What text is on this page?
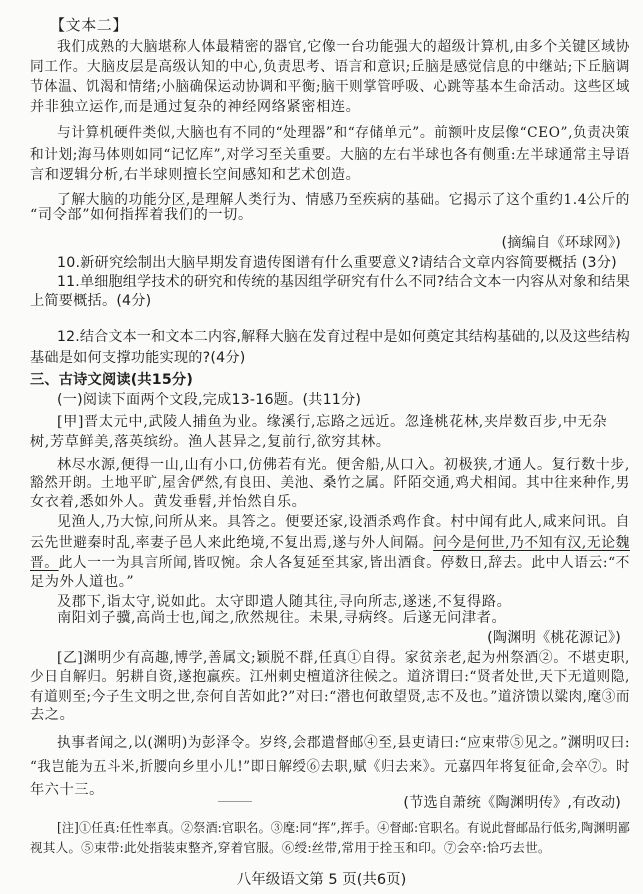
【文本二】
我们成熟的大脑堪称人体最精密的器官,它像一台功能强大的超级计算机,由多个关键区域协
同工作。大脑皮层是高级认知的中心,负责思考、语言和意识;丘脑是感觉信息的中继站;下丘脑调
节体温、饥渴和情绪;小脑确保运动协调和平衡;脑干则掌管呼吸、心跳等基本生命活动。这些区域
并非独立运作,而是通过复杂的神经网络紧密相连。
与计算机硬件类似,大脑也有不同的“处理器”和“存储单元”。前额叶皮层像“CEO”,负责决策
和计划;海马体则如同“记忆库”,对学习至关重要。大脑的左右半球也各有侧重:左半球通常主导语
言和逻辑分析,右半球则擅长空间感知和艺术创造。
了解大脑的功能分区,是理解人类行为、情感乃至疾病的基础。它揭示了这个重约1.4公斤的
“司令部”如何指挥着我们的一切。
(摘编自《环球网》)
10.新研究绘制出大脑早期发育遗传图谱有什么重要意义?请结合文章内容简要概括 (3分)
11.单细胞组学技术的研究和传统的基因组学研究有什么不同?结合文本一内容从对象和结果
上简要概括。(4分)
12.结合文本一和文本二内容,解释大脑在发育过程中是如何奠定其结构基础的,以及这些结构
基础是如何支撑功能实现的?(4分)
三、古诗文阅读(共15分)
(一)阅读下面两个文段,完成13-16题。(共11分)
[甲]晋太元中,武陵人捕鱼为业。缘溪行,忘路之远近。忽逢桃花林,夹岸数百步,中无杂
树,芳草鲜美,落英缤纷。渔人甚异之,复前行,欲穷其林。
林尽水源,便得一山,山有小口,仿佛若有光。便舍船,从口入。初极狭,才通人。复行数十步,
豁然开朗。土地平旷,屋舍俨然,有良田、美池、桑竹之属。阡陌交通,鸡犬相闻。其中往来种作,男
女衣着,悉如外人。黄发垂髫,并怡然自乐。
见渔人,乃大惊,问所从来。具答之。便要还家,设酒杀鸡作食。村中闻有此人,咸来问讯。自
云先世避秦时乱,率妻子邑人来此绝境,不复出焉,遂与外人间隔。问今是何世,乃不知有汉,无论魏
晋。此人一一为具言所闻,皆叹惋。余人各复延至其家,皆出酒食。停数日,辞去。此中人语云:“不
足为外人道也。”
及郡下,诣太守,说如此。太守即遣人随其往,寻向所志,遂迷,不复得路。
南阳刘子骥,高尚士也,闻之,欣然规往。未果,寻病终。后遂无问津者。
(陶渊明《桃花源记》)
[乙]渊明少有高趣,博学,善属文;颖脱不群,任真①自得。家贫亲老,起为州祭酒②。不堪吏职,
少日自解归。躬耕自资,遂抱羸疾。江州刺史檀道济往候之。道济谓曰:“贤者处世,天下无道则隐,
有道则至;今子生文明之世,奈何自苦如此?”对曰:“潜也何敢望贤,志不及也。”道济馈以粱肉,麾③而
去之。
执事者闻之,以(渊明)为彭泽令。岁终,会郡遣督邮④至,县吏请曰:“应束带⑤见之。”渊明叹曰:
“我岂能为五斗米,折腰向乡里小儿!”即日解绶⑥去职,赋《归去来》。元嘉四年将复征命,会卒⑦。时
年六十三。
(节选自萧统《陶渊明传》,有改动)
[注]①任真:任性率真。②祭酒:官职名。③麾:同“挥”,挥手。④督邮:官职名。有说此督邮品行低劣,陶渊明鄙
视其人。⑤束带:此处指装束整齐,穿着官服。⑥绶:丝带,常用于拴玉和印。⑦会卒:恰巧去世。
八年级语文第 5 页(共6页)
